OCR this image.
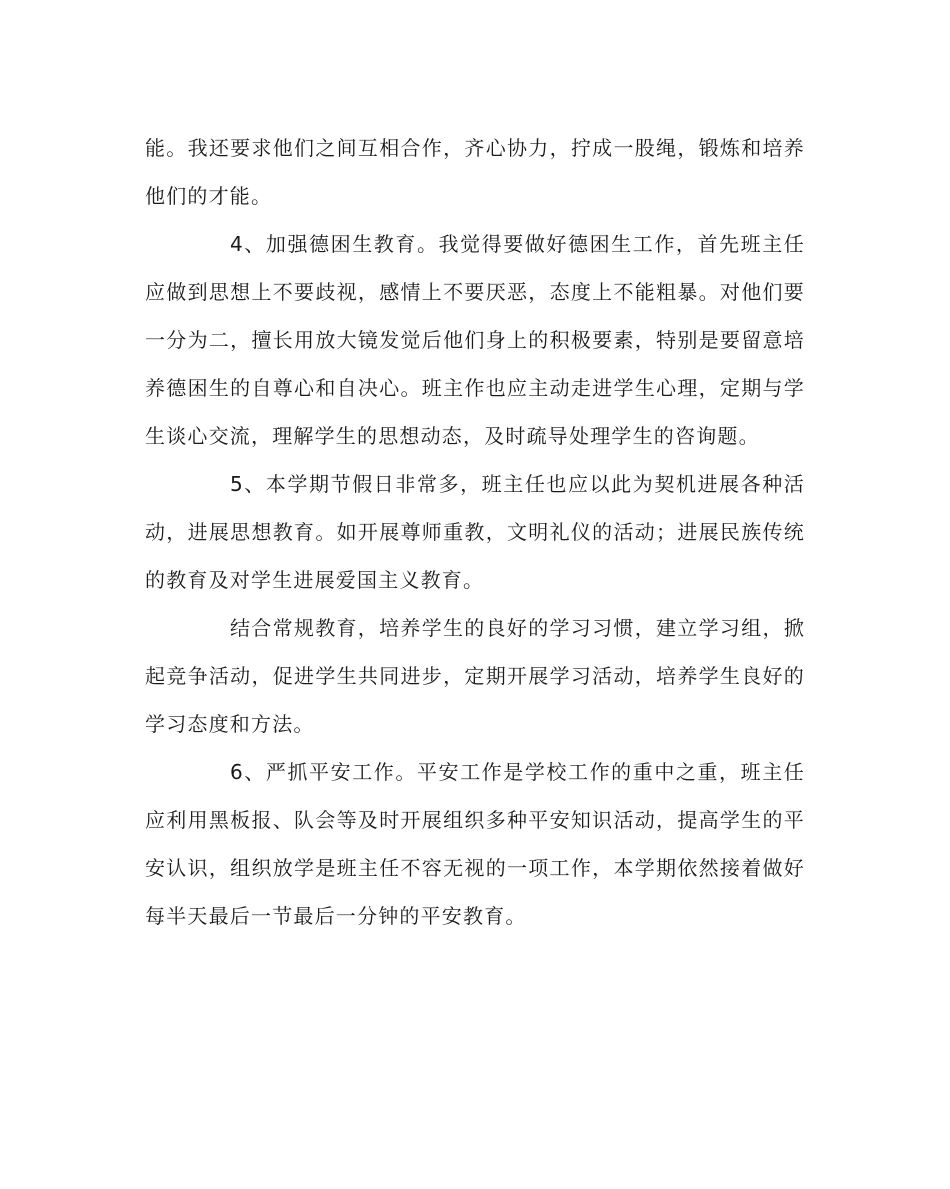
能。我还要求他们之间互相合作，齐心协力，拧成一股绳，锻炼和培养他们的才能。

4、加强德困生教育。我觉得要做好德困生工作，首先班主任应做到思想上不要歧视，感情上不要厌恶，态度上不能粗暴。对他们要一分为二，擅长用放大镜发觉后他们身上的积极要素，特别是要留意培养德困生的自尊心和自决心。班主作也应主动走进学生心理，定期与学生谈心交流，理解学生的思想动态，及时疏导处理学生的咨询题。

5、本学期节假日非常多，班主任也应以此为契机进展各种活动，进展思想教育。如开展尊师重教，文明礼仪的活动；进展民族传统的教育及对学生进展爱国主义教育。

结合常规教育，培养学生的良好的学习习惯，建立学习组，掀起竞争活动，促进学生共同进步，定期开展学习活动，培养学生良好的学习态度和方法。

6、严抓平安工作。平安工作是学校工作的重中之重，班主任应利用黑板报、队会等及时开展组织多种平安知识活动，提高学生的平安认识，组织放学是班主任不容无视的一项工作，本学期依然接着做好每半天最后一节最后一分钟的平安教育。
